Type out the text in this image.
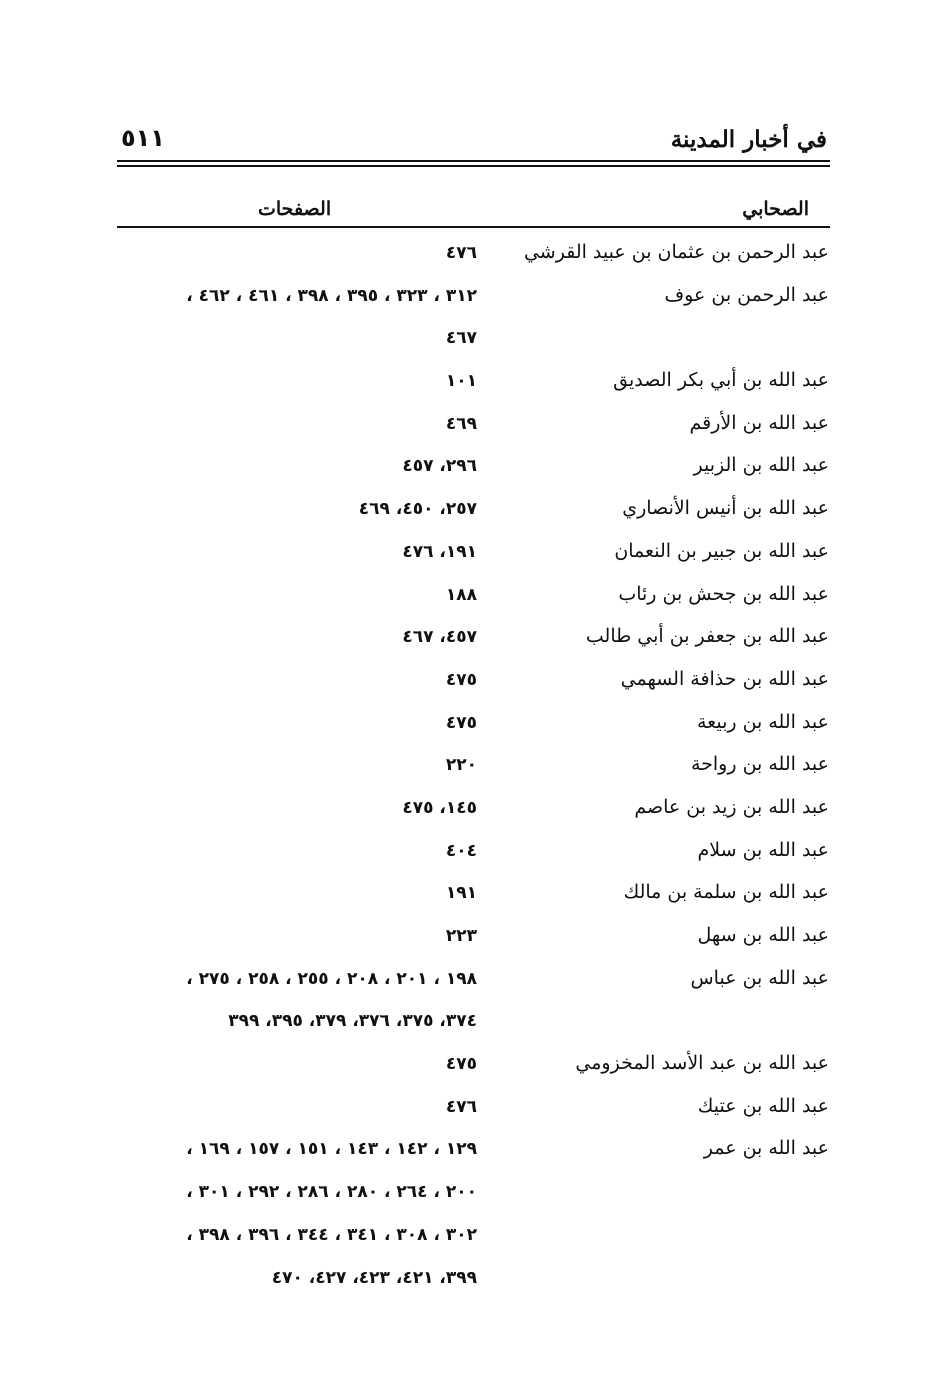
في أخبار المدينة
٥١١
الصحابي
الصفحات
عبد الرحمن بن عثمان بن عبيد القرشي
٤٧٦
عبد الرحمن بن عوف
٣١٢ ، ٣٢٣ ، ٣٩٥ ، ٣٩٨ ، ٤٦١ ، ٤٦٢ ،
٤٦٧
عبد الله بن أبي بكر الصديق
١٠١
عبد الله بن الأرقم
٤٦٩
عبد الله بن الزبير
٢٩٦، ٤٥٧
عبد الله بن أنيس الأنصاري
٢٥٧، ٤٥٠، ٤٦٩
عبد الله بن جبير بن النعمان
١٩١، ٤٧٦
عبد الله بن جحش بن رئاب
١٨٨
عبد الله بن جعفر بن أبي طالب
٤٥٧، ٤٦٧
عبد الله بن حذافة السهمي
٤٧٥
عبد الله بن ربيعة
٤٧٥
عبد الله بن رواحة
٢٢٠
عبد الله بن زيد بن عاصم
١٤٥، ٤٧٥
عبد الله بن سلام
٤٠٤
عبد الله بن سلمة بن مالك
١٩١
عبد الله بن سهل
٢٢٣
عبد الله بن عباس
١٩٨ ، ٢٠١ ، ٢٠٨ ، ٢٥٥ ، ٢٥٨ ، ٢٧٥ ،
٣٧٤، ٣٧٥، ٣٧٦، ٣٧٩، ٣٩٥، ٣٩٩
عبد الله بن عبد الأسد المخزومي
٤٧٥
عبد الله بن عتيك
٤٧٦
عبد الله بن عمر
١٢٩ ، ١٤٢ ، ١٤٣ ، ١٥١ ، ١٥٧ ، ١٦٩ ،
٢٠٠ ، ٢٦٤ ، ٢٨٠ ، ٢٨٦ ، ٢٩٢ ، ٣٠١ ،
٣٠٢ ، ٣٠٨ ، ٣٤١ ، ٣٤٤ ، ٣٩٦ ، ٣٩٨ ،
٣٩٩، ٤٢١، ٤٢٣، ٤٢٧، ٤٧٠
